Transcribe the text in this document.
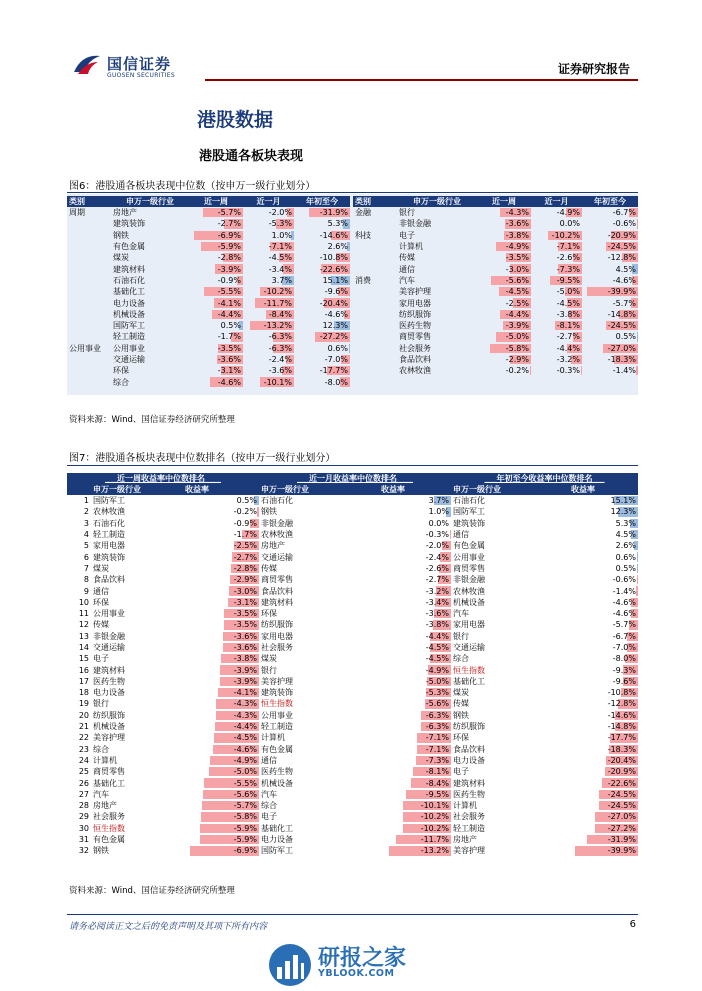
国信证券
GUOSEN SECURITIES	证券研究报告
港股数据
港股通各板块表现
图6：港股通各板块表现中位数（按申万一级行业划分）
类别	申万一级行业	近一周	近一月	年初至今
周期	房地产	-5.7%	-2.0%	-31.9%
	建筑装饰	-2.7%	-5.3%	5.3%
	钢铁	-6.9%	1.0%	-14.6%
	有色金属	-5.9%	-7.1%	2.6%
	煤炭	-2.8%	-4.5%	-10.8%
	建筑材料	-3.9%	-3.4%	-22.6%
	石油石化	-0.9%	3.7%	15.1%
	基础化工	-5.5%	-10.2%	-9.6%
	电力设备	-4.1%	-11.7%	-20.4%
	机械设备	-4.4%	-8.4%	-4.6%
	国防军工	0.5%	-13.2%	12.3%
	轻工制造	-1.7%	-6.3%	-27.2%
公用事业	公用事业	-3.5%	-6.3%	0.6%
	交通运输	-3.6%	-2.4%	-7.0%
	环保	-3.1%	-3.6%	-17.7%
	综合	-4.6%	-10.1%	-8.0%
类别	申万一级行业	近一周	近一月	年初至今
金融	银行	-4.3%	-4.9%	-6.7%
	非银金融	-3.6%	0.0%	-0.6%
科技	电子	-3.8%	-10.2%	-20.9%
	计算机	-4.9%	-7.1%	-24.5%
	传媒	-3.5%	-2.6%	-12.8%
	通信	-3.0%	-7.3%	4.5%
消费	汽车	-5.6%	-9.5%	-4.6%
	美容护理	-4.5%	-5.0%	-39.9%
	家用电器	-2.5%	-4.5%	-5.7%
	纺织服饰	-4.4%	-3.8%	-14.8%
	医药生物	-3.9%	-8.1%	-24.5%
	商贸零售	-5.0%	-2.7%	0.5%
	社会服务	-5.8%	-4.4%	-27.0%
	食品饮料	-2.9%	-3.2%	-18.3%
	农林牧渔	-0.2%	-0.3%	-1.4%
资料来源：Wind、国信证券经济研究所整理
图7：港股通各板块表现中位数排名（按申万一级行业划分）
___近一周收益率中位数排名____			___近一月收益率中位数排名____		___年初至今收益率中位数排名___	
	申万一级行业	收益率	申万一级行业	收益率	申万一级行业	收益率
1	国防军工	0.5%	石油石化	3.7%	石油石化	15.1%
2	农林牧渔	-0.2%	钢铁	1.0%	国防军工	12.3%
3	石油石化	-0.9%	非银金融	0.0%	建筑装饰	5.3%
4	轻工制造	-1.7%	农林牧渔	-0.3%	通信	4.5%
5	家用电器	-2.5%	房地产	-2.0%	有色金属	2.6%
6	建筑装饰	-2.7%	交通运输	-2.4%	公用事业	0.6%
7	煤炭	-2.8%	传媒	-2.6%	商贸零售	0.5%
8	食品饮料	-2.9%	商贸零售	-2.7%	非银金融	-0.6%
9	通信	-3.0%	食品饮料	-3.2%	农林牧渔	-1.4%
10	环保	-3.1%	建筑材料	-3.4%	机械设备	-4.6%
11	公用事业	-3.5%	环保	-3.6%	汽车	-4.6%
12	传媒	-3.5%	纺织服饰	-3.8%	家用电器	-5.7%
13	非银金融	-3.6%	家用电器	-4.4%	银行	-6.7%
14	交通运输	-3.6%	社会服务	-4.5%	交通运输	-7.0%
15	电子	-3.8%	煤炭	-4.5%	综合	-8.0%
16	建筑材料	-3.9%	银行	-4.9%	恒生指数	-9.3%
17	医药生物	-3.9%	美容护理	-5.0%	基础化工	-9.6%
18	电力设备	-4.1%	建筑装饰	-5.3%	煤炭	-10.8%
19	银行	-4.3%	恒生指数	-5.6%	传媒	-12.8%
20	纺织服饰	-4.3%	公用事业	-6.3%	钢铁	-14.6%
21	机械设备	-4.4%	轻工制造	-6.3%	纺织服饰	-14.8%
22	美容护理	-4.5%	计算机	-7.1%	环保	-17.7%
23	综合	-4.6%	有色金属	-7.1%	食品饮料	-18.3%
24	计算机	-4.9%	通信	-7.3%	电力设备	-20.4%
25	商贸零售	-5.0%	医药生物	-8.1%	电子	-20.9%
26	基础化工	-5.5%	机械设备	-8.4%	建筑材料	-22.6%
27	汽车	-5.6%	汽车	-9.5%	医药生物	-24.5%
28	房地产	-5.7%	综合	-10.1%	计算机	-24.5%
29	社会服务	-5.8%	电子	-10.2%	社会服务	-27.0%
30	恒生指数	-5.9%	基础化工	-10.2%	轻工制造	-27.2%
31	有色金属	-5.9%	电力设备	-11.7%	房地产	-31.9%
32	钢铁	-6.9%	国防军工	-13.2%	美容护理	-39.9%
资料来源：Wind、国信证券经济研究所整理
请务必阅读正文之后的免责声明及其项下所有内容	6
研报之家
YBLOOK.COM
